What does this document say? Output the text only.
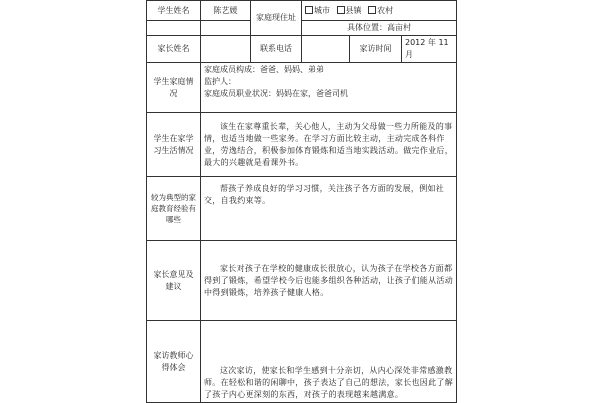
学生姓名	陈艺媛	家庭现住址	城市 县镇 农村		
			具体位置：高亩村		
家长姓名		联系电话		家访时间	2012 年 11 月
学生家庭情况	家庭成员构成：爸爸、妈妈、弟弟
监护人：
家庭成员职业状况：妈妈在家，爸爸司机				

学生在家学习生活情况	该生在家尊重长辈，关心他人，主动为父母做一些力所能及的事情，也适当地做一些家务。在学习方面比较主动，主动完成各科作业，劳逸结合，积极参加体育锻炼和适当地实践活动。做完作业后，最大的兴趣就是看课外书。				
较为典型的家庭教育经验有哪些	帮孩子养成良好的学习习惯，关注孩子各方面的发展，例如社交，自我约束等。				
家长意见及建议	家长对孩子在学校的健康成长很放心，认为孩子在学校各方面都得到了锻炼，希望学校今后也能多组织各种活动，让孩子们能从活动中得到锻炼，培养孩子健康人格。				
家访教师心得体会	这次家访，使家长和学生感到十分亲切，从内心深处非常感激教师。在轻松和谐的闲聊中，孩子表达了自己的想法，家长也因此了解了孩子内心更深刻的东西，对孩子的表现越来越满意。				
